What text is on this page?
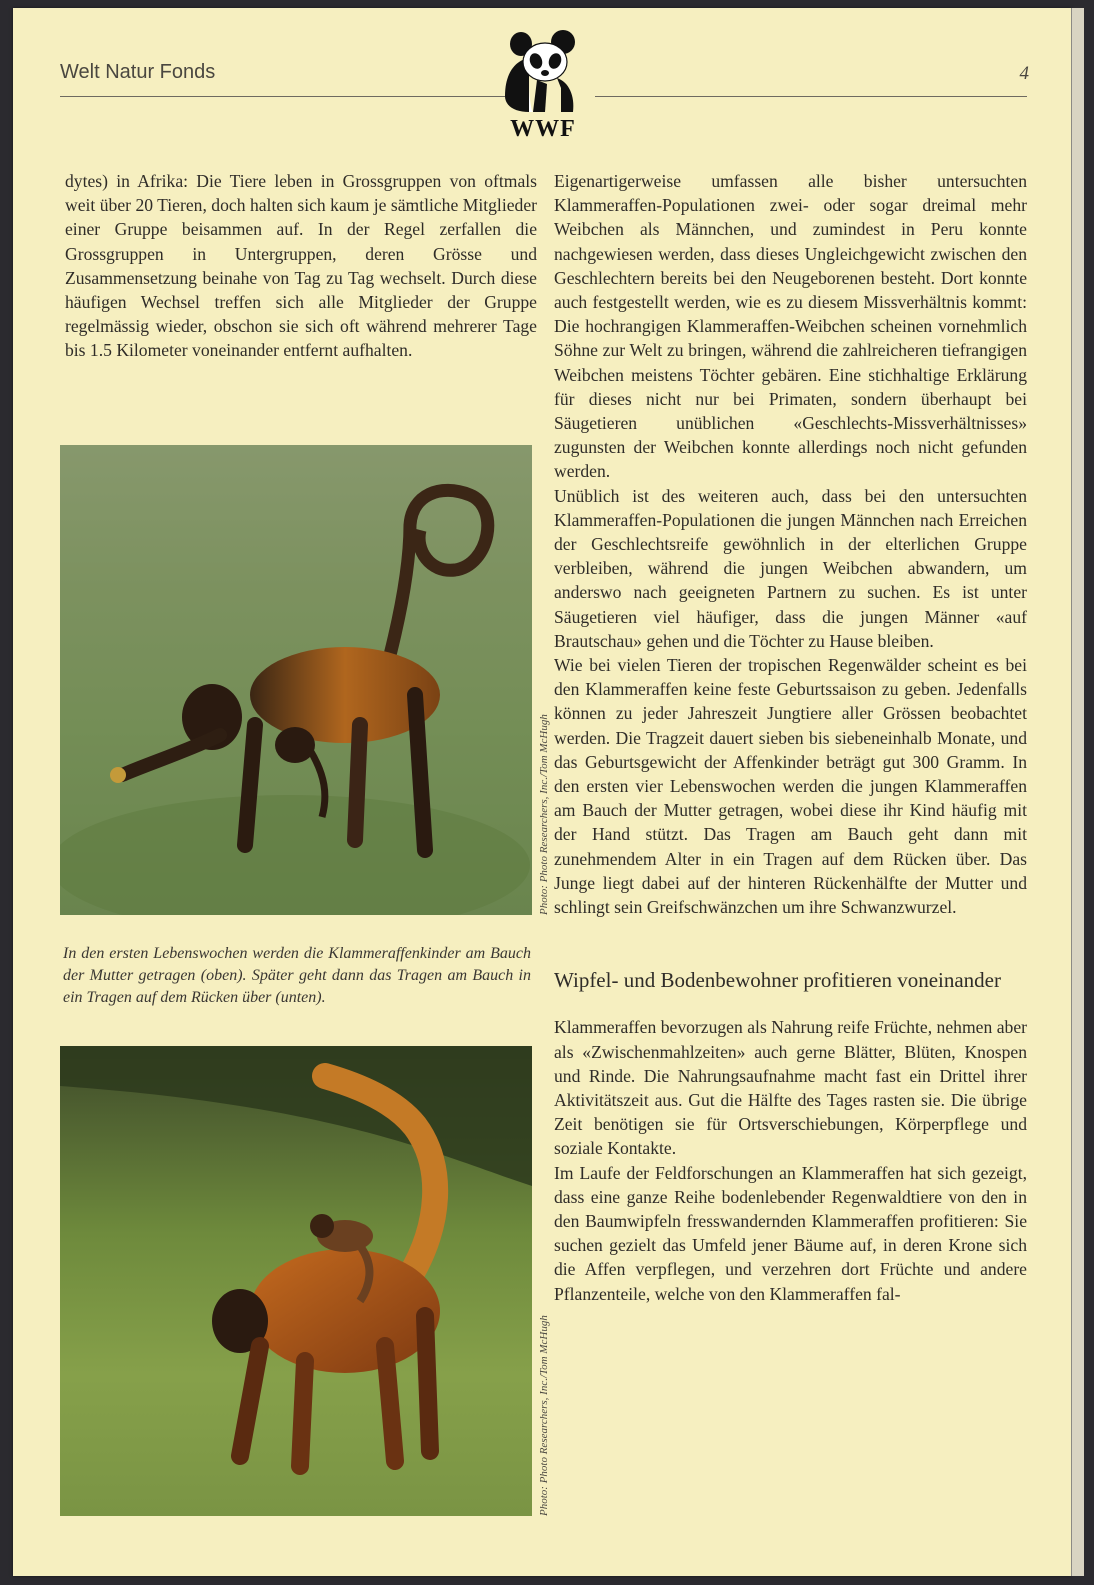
Welt Natur Fonds
WWF
4

dytes) in Afrika: Die Tiere leben in Grossgruppen von oftmals weit über 20 Tieren, doch halten sich kaum je sämtliche Mitglieder einer Gruppe beisammen auf. In der Regel zerfallen die Grossgruppen in Untergruppen, deren Grösse und Zusammensetzung beinahe von Tag zu Tag wechselt. Durch diese häufigen Wechsel treffen sich alle Mitglieder der Gruppe regelmässig wieder, obschon sie sich oft während mehrerer Tage bis 1.5 Kilometer voneinander entfernt aufhalten.

Photo: Photo Researchers, Inc./Tom McHugh
In den ersten Lebenswochen werden die Klammeraffenkinder am Bauch der Mutter getragen (oben). Später geht dann das Tragen am Bauch in ein Tragen auf dem Rücken über (unten).
Photo: Photo Researchers, Inc./Tom McHugh

Eigenartigerweise umfassen alle bisher untersuchten Klammeraffen-Populationen zwei- oder sogar dreimal mehr Weibchen als Männchen, und zumindest in Peru konnte nachgewiesen werden, dass dieses Ungleichgewicht zwischen den Geschlechtern bereits bei den Neugeborenen besteht. Dort konnte auch festgestellt werden, wie es zu diesem Missverhältnis kommt: Die hochrangigen Klammeraffen-Weibchen scheinen vornehmlich Söhne zur Welt zu bringen, während die zahlreicheren tiefrangigen Weibchen meistens Töchter gebären. Eine stichhaltige Erklärung für dieses nicht nur bei Primaten, sondern überhaupt bei Säugetieren unüblichen «Geschlechts-Missverhältnisses» zugunsten der Weibchen konnte allerdings noch nicht gefunden werden.

Unüblich ist des weiteren auch, dass bei den untersuchten Klammeraffen-Populationen die jungen Männchen nach Erreichen der Geschlechtsreife gewöhnlich in der elterlichen Gruppe verbleiben, während die jungen Weibchen abwandern, um anderswo nach geeigneten Partnern zu suchen. Es ist unter Säugetieren viel häufiger, dass die jungen Männer «auf Brautschau» gehen und die Töchter zu Hause bleiben.

Wie bei vielen Tieren der tropischen Regenwälder scheint es bei den Klammeraffen keine feste Geburtssaison zu geben. Jedenfalls können zu jeder Jahreszeit Jungtiere aller Grössen beobachtet werden. Die Tragzeit dauert sieben bis siebeneinhalb Monate, und das Geburtsgewicht der Affenkinder beträgt gut 300 Gramm. In den ersten vier Lebenswochen werden die jungen Klammeraffen am Bauch der Mutter getragen, wobei diese ihr Kind häufig mit der Hand stützt. Das Tragen am Bauch geht dann mit zunehmendem Alter in ein Tragen auf dem Rücken über. Das Junge liegt dabei auf der hinteren Rückenhälfte der Mutter und schlingt sein Greifschwänzchen um ihre Schwanzwurzel.

Wipfel- und Bodenbewohner profitieren voneinander

Klammeraffen bevorzugen als Nahrung reife Früchte, nehmen aber als «Zwischenmahlzeiten» auch gerne Blätter, Blüten, Knospen und Rinde. Die Nahrungsaufnahme macht fast ein Drittel ihrer Aktivitätszeit aus. Gut die Hälfte des Tages rasten sie. Die übrige Zeit benötigen sie für Ortsverschiebungen, Körperpflege und soziale Kontakte.

Im Laufe der Feldforschungen an Klammeraffen hat sich gezeigt, dass eine ganze Reihe bodenlebender Regenwaldtiere von den in den Baumwipfeln fresswandernden Klammeraffen profitieren: Sie suchen gezielt das Umfeld jener Bäume auf, in deren Krone sich die Affen verpflegen, und verzehren dort Früchte und andere Pflanzenteile, welche von den Klammeraffen fal-
